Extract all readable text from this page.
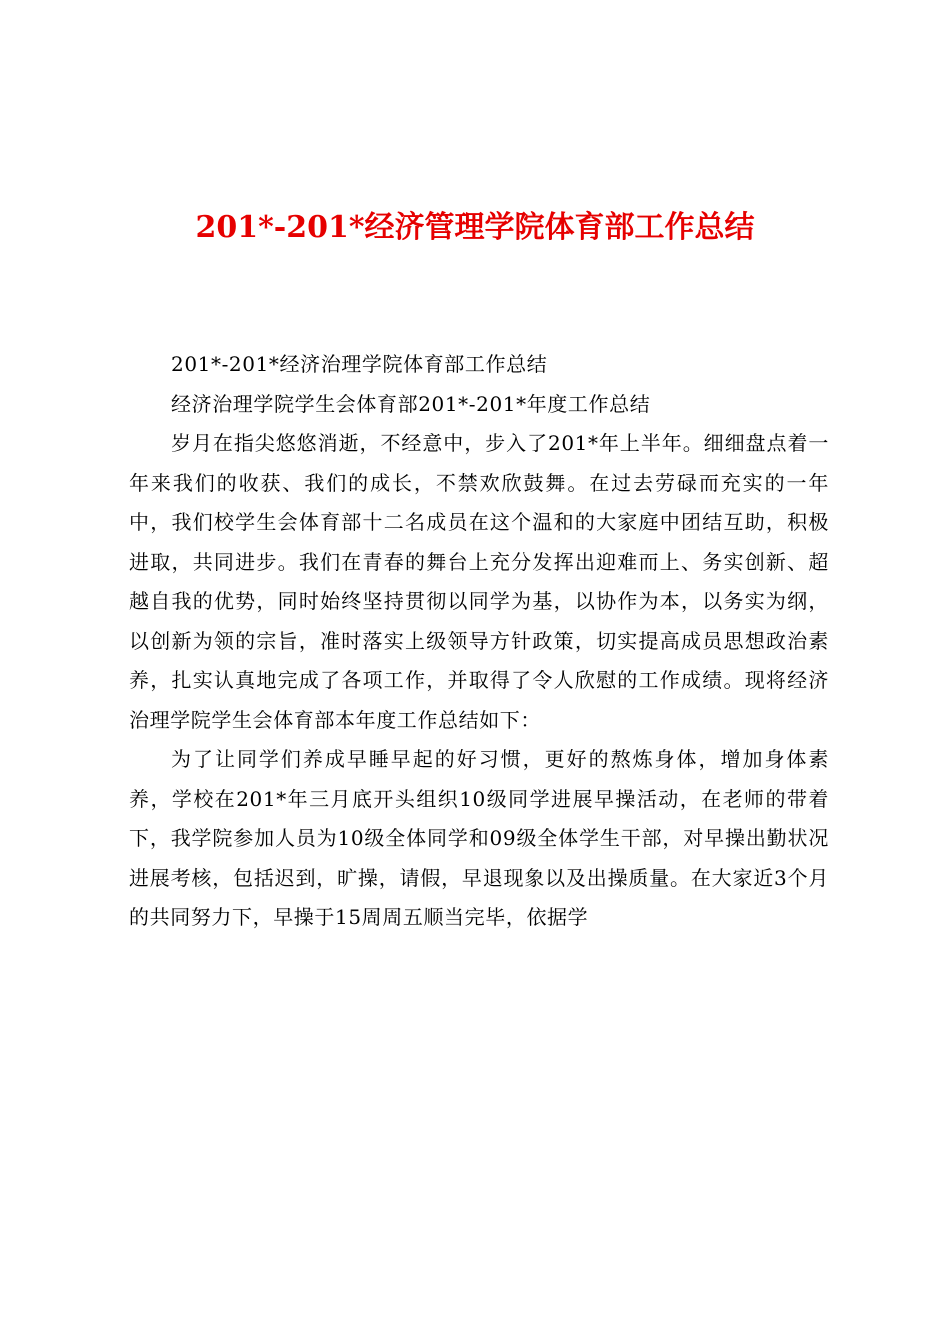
201*-201*经济管理学院体育部工作总结

201*-201*经济治理学院体育部工作总结

经济治理学院学生会体育部201*-201*年度工作总结

岁月在指尖悠悠消逝，不经意中，步入了201*年上半年。细细盘点着一年来我们的收获、我们的成长，不禁欢欣鼓舞。在过去劳碌而充实的一年中，我们校学生会体育部十二名成员在这个温和的大家庭中团结互助，积极进取，共同进步。我们在青春的舞台上充分发挥出迎难而上、务实创新、超越自我的优势，同时始终坚持贯彻以同学为基，以协作为本，以务实为纲，以创新为领的宗旨，准时落实上级领导方针政策，切实提高成员思想政治素养，扎实认真地完成了各项工作，并取得了令人欣慰的工作成绩。现将经济治理学院学生会体育部本年度工作总结如下：

为了让同学们养成早睡早起的好习惯，更好的熬炼身体，增加身体素养，学校在201*年三月底开头组织10级同学进展早操活动，在老师的带着下，我学院参加人员为10级全体同学和09级全体学生干部，对早操出勤状况进展考核，包括迟到，旷操，请假，早退现象以及出操质量。在大家近3个月的共同努力下，早操于15周周五顺当完毕，依据学
